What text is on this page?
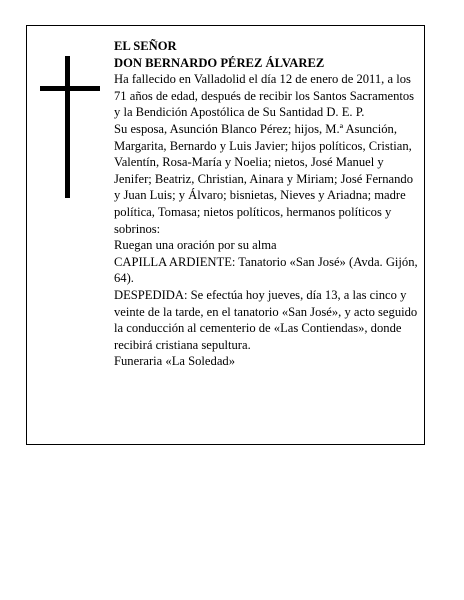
EL SEÑOR

DON BERNARDO PÉREZ ÁLVAREZ

Ha fallecido en Valladolid el día 12 de enero de 2011, a los 71 años de edad, después de recibir los Santos Sacramentos y la Bendición Apostólica de Su Santidad D. E. P.

Su esposa, Asunción Blanco Pérez; hijos, M.ª Asunción, Margarita, Bernardo y Luis Javier; hijos políticos, Cristian, Valentín, Rosa-María y Noelia; nietos, José Manuel y Jenifer; Beatriz, Christian, Ainara y Miriam; José Fernando y Juan Luis; y Álvaro; bisnietas, Nieves y Ariadna; madre política, Tomasa; nietos políticos, hermanos políticos y sobrinos:

Ruegan una oración por su alma

CAPILLA ARDIENTE: Tanatorio «San José» (Avda. Gijón, 64).

DESPEDIDA: Se efectúa hoy jueves, día 13, a las cinco y veinte de la tarde, en el tanatorio «San José», y acto seguido la conducción al cementerio de «Las Contiendas», donde recibirá cristiana sepultura.

Funeraria «La Soledad»
